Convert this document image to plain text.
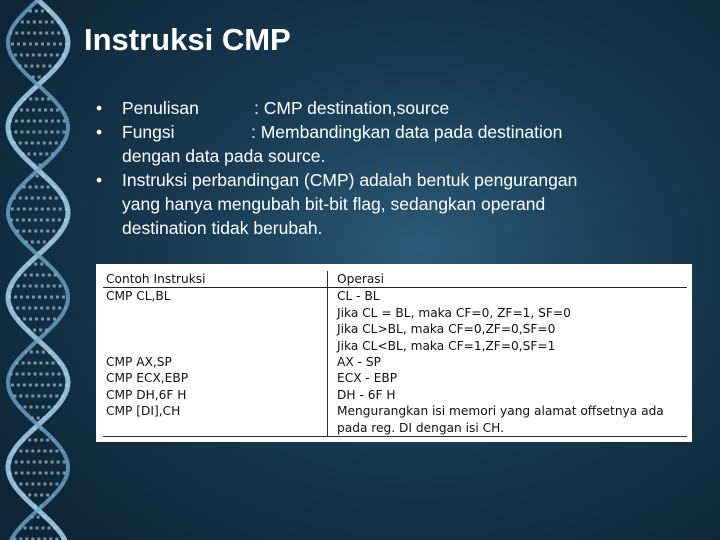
Instruksi CMP
• Penulisan	: CMP destination,source
• Fungsi	: Membandingkan data pada destination
dengan data pada source.
• Instruksi perbandingan (CMP) adalah bentuk pengurangan
yang hanya mengubah bit-bit flag, sedangkan operand
destination tidak berubah.
Contoh Instruksi	Operasi
CMP CL,BL	CL - BL
	Jika CL = BL, maka CF=0, ZF=1, SF=0
	Jika CL>BL, maka CF=0,ZF=0,SF=0
	Jika CL<BL, maka CF=1,ZF=0,SF=1
CMP AX,SP	AX - SP
CMP ECX,EBP	ECX - EBP
CMP DH,6F H	DH - 6F H
CMP [DI],CH	Mengurangkan isi memori yang alamat offsetnya ada
pada reg. DI dengan isi CH.
